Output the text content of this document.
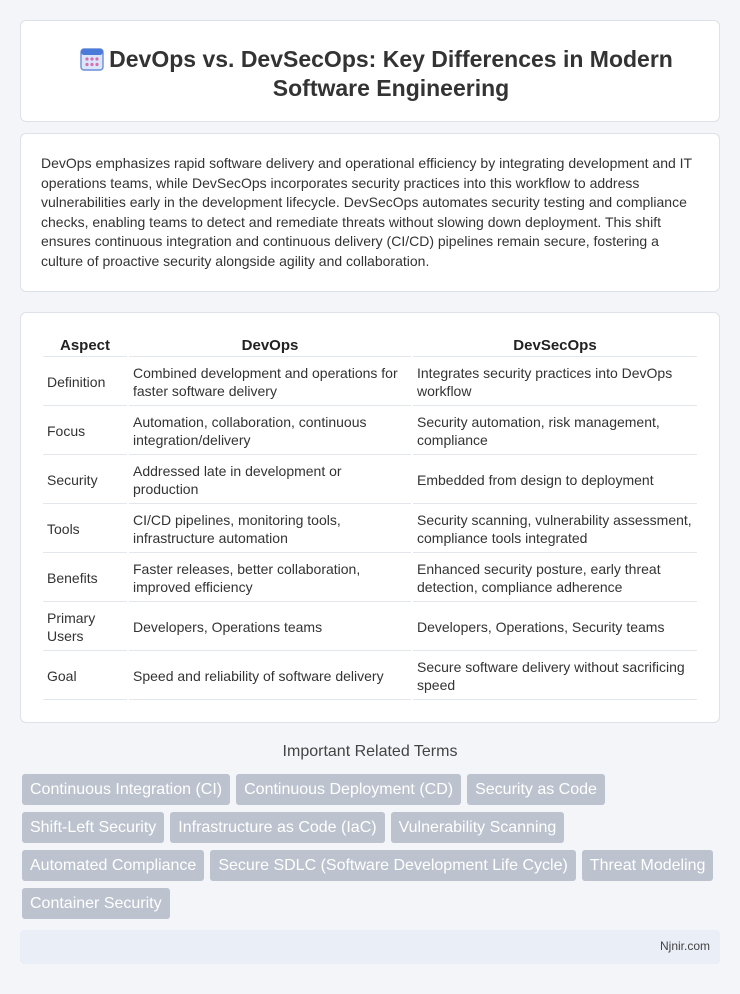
DevOps vs. DevSecOps: Key Differences in Modern Software Engineering

DevOps emphasizes rapid software delivery and operational efficiency by integrating development and IT operations teams, while DevSecOps incorporates security practices into this workflow to address vulnerabilities early in the development lifecycle. DevSecOps automates security testing and compliance checks, enabling teams to detect and remediate threats without slowing down deployment. This shift ensures continuous integration and continuous delivery (CI/CD) pipelines remain secure, fostering a culture of proactive security alongside agility and collaboration.

Aspect	DevOps	DevSecOps
Definition	Combined development and operations for faster software delivery	Integrates security practices into DevOps workflow
Focus	Automation, collaboration, continuous integration/delivery	Security automation, risk management, compliance
Security	Addressed late in development or production	Embedded from design to deployment
Tools	CI/CD pipelines, monitoring tools, infrastructure automation	Security scanning, vulnerability assessment, compliance tools integrated
Benefits	Faster releases, better collaboration, improved efficiency	Enhanced security posture, early threat detection, compliance adherence
Primary Users	Developers, Operations teams	Developers, Operations, Security teams
Goal	Speed and reliability of software delivery	Secure software delivery without sacrificing speed
Important Related Terms
Continuous Integration (CI)	Continuous Deployment (CD)	Security as Code
Shift-Left Security	Infrastructure as Code (IaC)	Vulnerability Scanning
Automated Compliance	Secure SDLC (Software Development Life Cycle)	Threat Modeling
Container Security
Njnir.com
